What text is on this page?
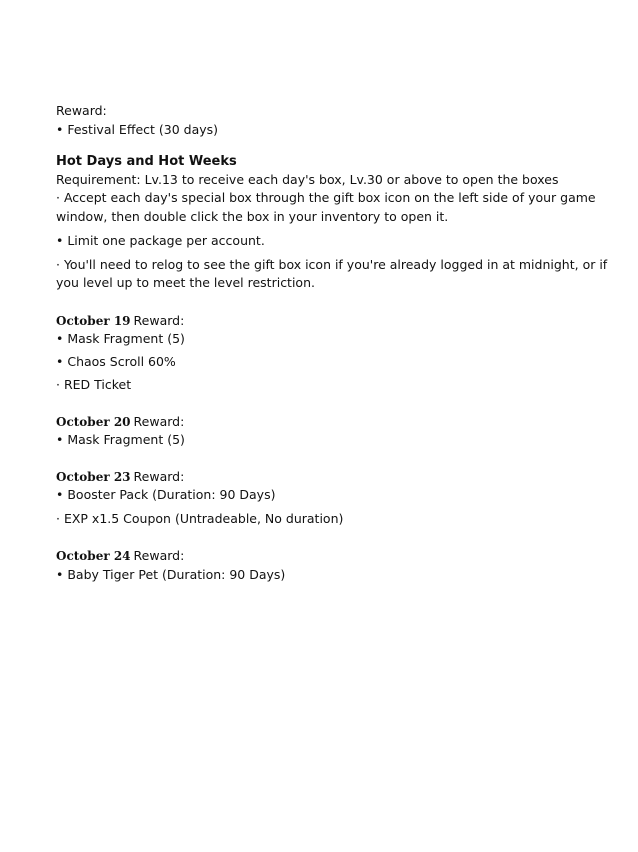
Reward:
• Festival Effect (30 days)
Hot Days and Hot Weeks
Requirement: Lv.13 to receive each day's box, Lv.30 or above to open the boxes
· Accept each day's special box through the gift box icon on the left side of your game
window, then double click the box in your inventory to open it.
• Limit one package per account.
· You'll need to relog to see the gift box icon if you're already logged in at midnight, or if
you level up to meet the level restriction.
October 19 Reward:
• Mask Fragment (5)
• Chaos Scroll 60%
· RED Ticket
October 20 Reward:
• Mask Fragment (5)
October 23 Reward:
• Booster Pack (Duration: 90 Days)
· EXP x1.5 Coupon (Untradeable, No duration)
October 24 Reward:
• Baby Tiger Pet (Duration: 90 Days)
